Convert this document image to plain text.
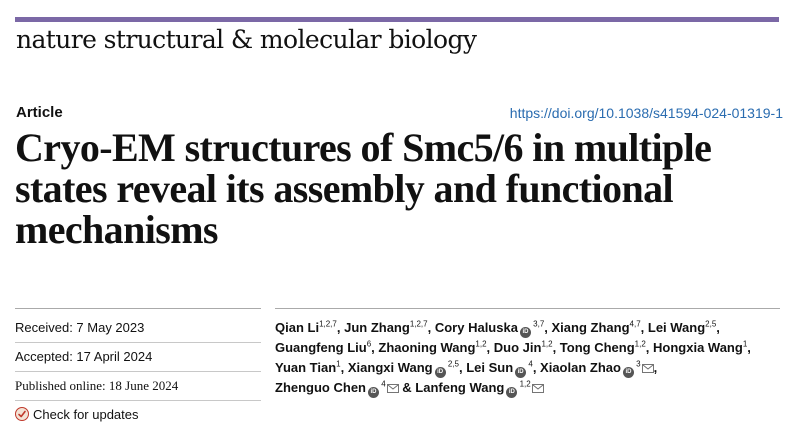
nature structural & molecular biology
Article	https://doi.org/10.1038/s41594-024-01319-1
Cryo-EM structures of Smc5/6 in multiple states reveal its assembly and functional mechanisms
Received: 7 May 2023
Accepted: 17 April 2024
Published online: 18 June 2024
Check for updates
Qian Li$^{1,2,7}$, Jun Zhang$^{1,2,7}$, Cory Haluska iD $^{3,7}$, Xiang Zhang$^{4,7}$, Lei Wang$^{2,5}$, Guangfeng Liu$^6$, Zhaoning Wang$^{1,2}$, Duo Jin$^{1,2}$, Tong Cheng$^{1,2}$, Hongxia Wang$^1$, Yuan Tian$^1$, Xiangxi Wang iD $^{2,5}$, Lei Sun iD $^4$, Xiaolan Zhao iD $^3$ , Zhenguo Chen iD $^4$ & Lanfeng Wang iD $^{1,2}$
